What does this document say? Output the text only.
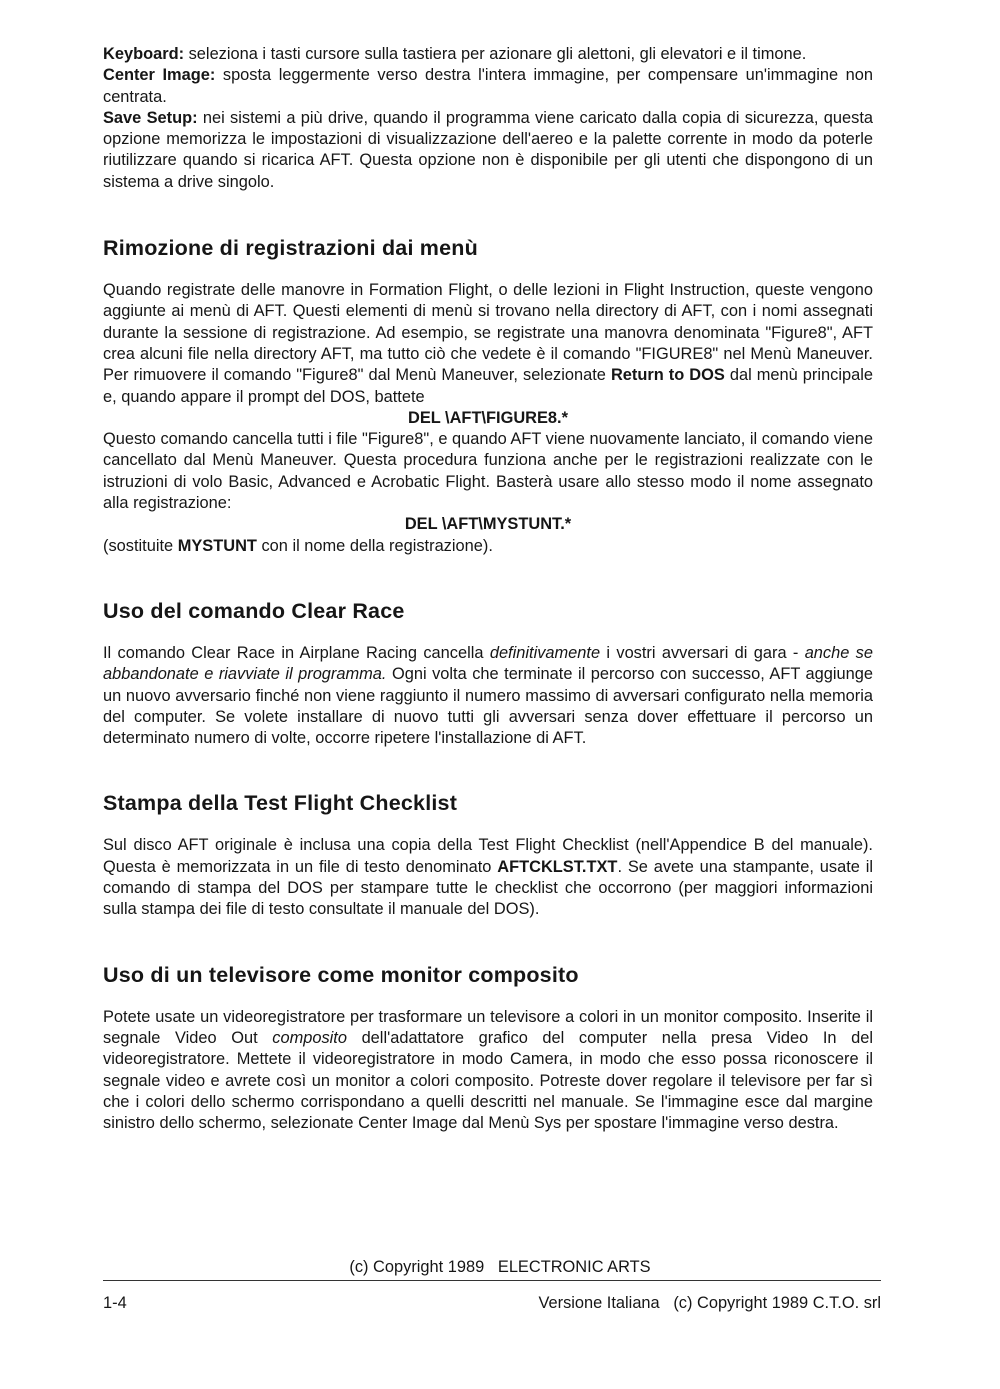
Keyboard: seleziona i tasti cursore sulla tastiera per azionare gli alettoni, gli elevatori e il timone.

Center Image: sposta leggermente verso destra l'intera immagine, per compensare un'immagine non centrata.

Save Setup: nei sistemi a più drive, quando il programma viene caricato dalla copia di sicurezza, questa opzione memorizza le impostazioni di visualizzazione dell'aereo e la palette corrente in modo da poterle riutilizzare quando si ricarica AFT. Questa opzione non è disponibile per gli utenti che dispongono di un sistema a drive singolo.

Rimozione di registrazioni dai menù

Quando registrate delle manovre in Formation Flight, o delle lezioni in Flight Instruction, queste vengono aggiunte ai menù di AFT. Questi elementi di menù si trovano nella directory di AFT, con i nomi assegnati durante la sessione di registrazione. Ad esempio, se registrate una manovra denominata "Figure8", AFT crea alcuni file nella directory AFT, ma tutto ciò che vedete è il comando "FIGURE8" nel Menù Maneuver. Per rimuovere il comando "Figure8" dal Menù Maneuver, selezionate Return to DOS dal menù principale e, quando appare il prompt del DOS, battete

DEL \AFT\FIGURE8.*

Questo comando cancella tutti i file "Figure8", e quando AFT viene nuovamente lanciato, il comando viene cancellato dal Menù Maneuver. Questa procedura funziona anche per le registrazioni realizzate con le istruzioni di volo Basic, Advanced e Acrobatic Flight. Basterà usare allo stesso modo il nome assegnato alla registrazione:

DEL \AFT\MYSTUNT.*

(sostituite MYSTUNT con il nome della registrazione).

Uso del comando Clear Race

Il comando Clear Race in Airplane Racing cancella definitivamente i vostri avversari di gara - anche se abbandonate e riavviate il programma. Ogni volta che terminate il percorso con successo, AFT aggiunge un nuovo avversario finché non viene raggiunto il numero massimo di avversari configurato nella memoria del computer. Se volete installare di nuovo tutti gli avversari senza dover effettuare il percorso un determinato numero di volte, occorre ripetere l'installazione di AFT.

Stampa della Test Flight Checklist

Sul disco AFT originale è inclusa una copia della Test Flight Checklist (nell'Appendice B del manuale). Questa è memorizzata in un file di testo denominato AFTCKLST.TXT. Se avete una stampante, usate il comando di stampa del DOS per stampare tutte le checklist che occorrono (per maggiori informazioni sulla stampa dei file di testo consultate il manuale del DOS).

Uso di un televisore come monitor composito

Potete usate un videoregistratore per trasformare un televisore a colori in un monitor composito. Inserite il segnale Video Out composito dell'adattatore grafico del computer nella presa Video In del videoregistratore. Mettete il videoregistratore in modo Camera, in modo che esso possa riconoscere il segnale video e avrete così un monitor a colori composito. Potreste dover regolare il televisore per far sì che i colori dello schermo corrispondano a quelli descritti nel manuale. Se l'immagine esce dal margine sinistro dello schermo, selezionate Center Image dal Menù Sys per spostare l'immagine verso destra.

(c) Copyright 1989   ELECTRONIC ARTS
1-4	Versione Italiana   (c) Copyright 1989 C.T.O. srl
